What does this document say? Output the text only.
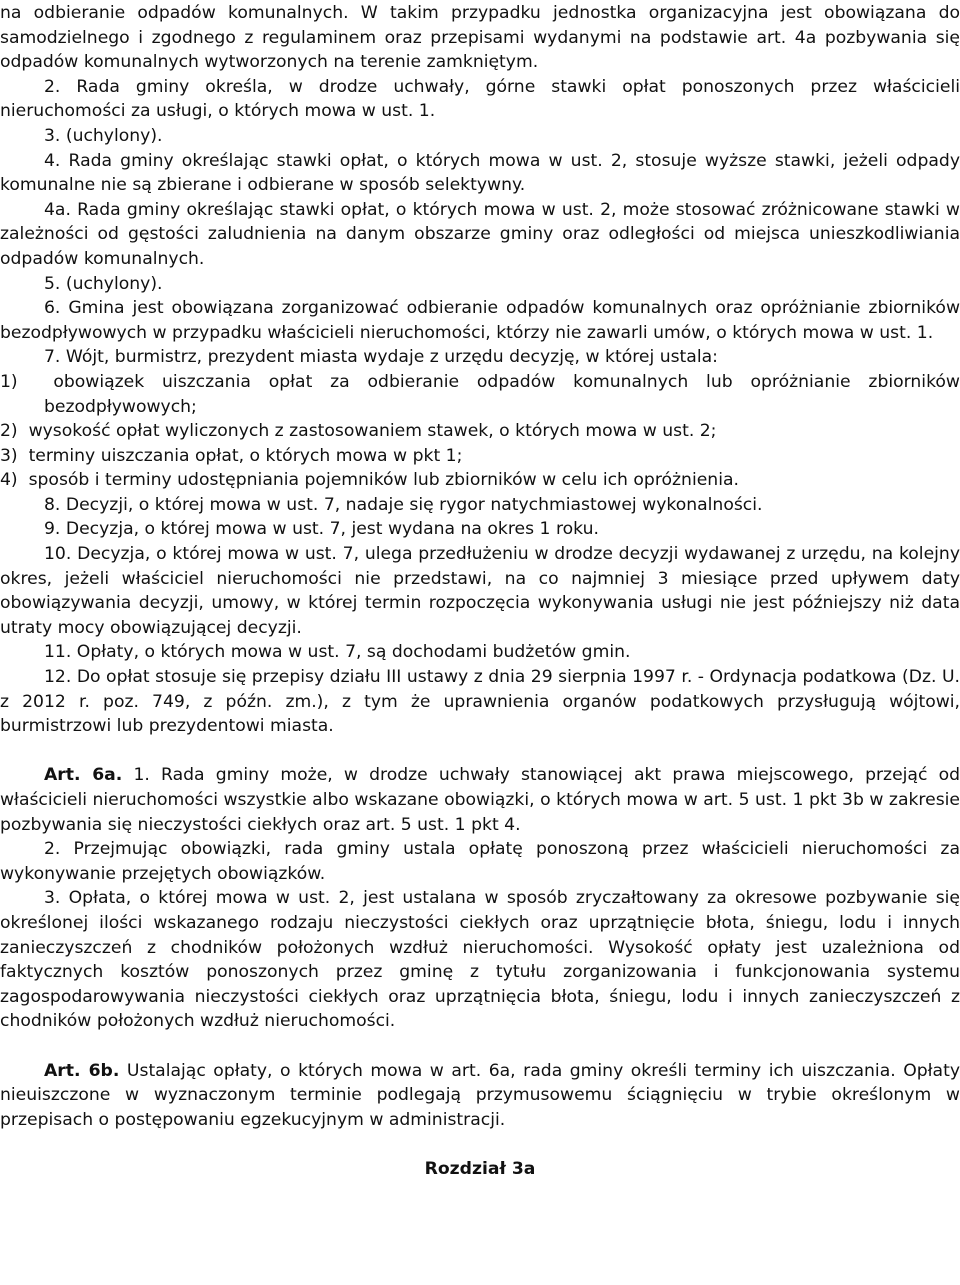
na odbieranie odpadów komunalnych. W takim przypadku jednostka organizacyjna jest obowiązana do samodzielnego i zgodnego z regulaminem oraz przepisami wydanymi na podstawie art. 4a pozbywania się odpadów komunalnych wytworzonych na terenie zamkniętym.

2. Rada gminy określa, w drodze uchwały, górne stawki opłat ponoszonych przez właścicieli nieruchomości za usługi, o których mowa w ust. 1.

3. (uchylony).

4. Rada gminy określając stawki opłat, o których mowa w ust. 2, stosuje wyższe stawki, jeżeli odpady komunalne nie są zbierane i odbierane w sposób selektywny.

4a. Rada gminy określając stawki opłat, o których mowa w ust. 2, może stosować zróżnicowane stawki w zależności od gęstości zaludnienia na danym obszarze gminy oraz odległości od miejsca unieszkodliwiania odpadów komunalnych.

5. (uchylony).

6. Gmina jest obowiązana zorganizować odbieranie odpadów komunalnych oraz opróżnianie zbiorników bezodpływowych w przypadku właścicieli nieruchomości, którzy nie zawarli umów, o których mowa w ust. 1.

7. Wójt, burmistrz, prezydent miasta wydaje z urzędu decyzję, w której ustala:

1)  obowiązek uiszczania opłat za odbieranie odpadów komunalnych lub opróżnianie zbiorników bezodpływowych;

2)  wysokość opłat wyliczonych z zastosowaniem stawek, o których mowa w ust. 2;

3)  terminy uiszczania opłat, o których mowa w pkt 1;

4)  sposób i terminy udostępniania pojemników lub zbiorników w celu ich opróżnienia.

8. Decyzji, o której mowa w ust. 7, nadaje się rygor natychmiastowej wykonalności.

9. Decyzja, o której mowa w ust. 7, jest wydana na okres 1 roku.

10. Decyzja, o której mowa w ust. 7, ulega przedłużeniu w drodze decyzji wydawanej z urzędu, na kolejny okres, jeżeli właściciel nieruchomości nie przedstawi, na co najmniej 3 miesiące przed upływem daty obowiązywania decyzji, umowy, w której termin rozpoczęcia wykonywania usługi nie jest późniejszy niż data utraty mocy obowiązującej decyzji.

11. Opłaty, o których mowa w ust. 7, są dochodami budżetów gmin.

12. Do opłat stosuje się przepisy działu III ustawy z dnia 29 sierpnia 1997 r. - Ordynacja podatkowa (Dz. U. z 2012 r. poz. 749, z późn. zm.), z tym że uprawnienia organów podatkowych przysługują wójtowi, burmistrzowi lub prezydentowi miasta.

Art. 6a. 1. Rada gminy może, w drodze uchwały stanowiącej akt prawa miejscowego, przejąć od właścicieli nieruchomości wszystkie albo wskazane obowiązki, o których mowa w art. 5 ust. 1 pkt 3b w zakresie pozbywania się nieczystości ciekłych oraz art. 5 ust. 1 pkt 4.

2. Przejmując obowiązki, rada gminy ustala opłatę ponoszoną przez właścicieli nieruchomości za wykonywanie przejętych obowiązków.

3. Opłata, o której mowa w ust. 2, jest ustalana w sposób zryczałtowany za okresowe pozbywanie się określonej ilości wskazanego rodzaju nieczystości ciekłych oraz uprzątnięcie błota, śniegu, lodu i innych zanieczyszczeń z chodników położonych wzdłuż nieruchomości. Wysokość opłaty jest uzależniona od faktycznych kosztów ponoszonych przez gminę z tytułu zorganizowania i funkcjonowania systemu zagospodarowywania nieczystości ciekłych oraz uprzątnięcia błota, śniegu, lodu i innych zanieczyszczeń z chodników położonych wzdłuż nieruchomości.

Art. 6b. Ustalając opłaty, o których mowa w art. 6a, rada gminy określi terminy ich uiszczania. Opłaty nieuiszczone w wyznaczonym terminie podlegają przymusowemu ściągnięciu w trybie określonym w przepisach o postępowaniu egzekucyjnym w administracji.

Rozdział 3a
